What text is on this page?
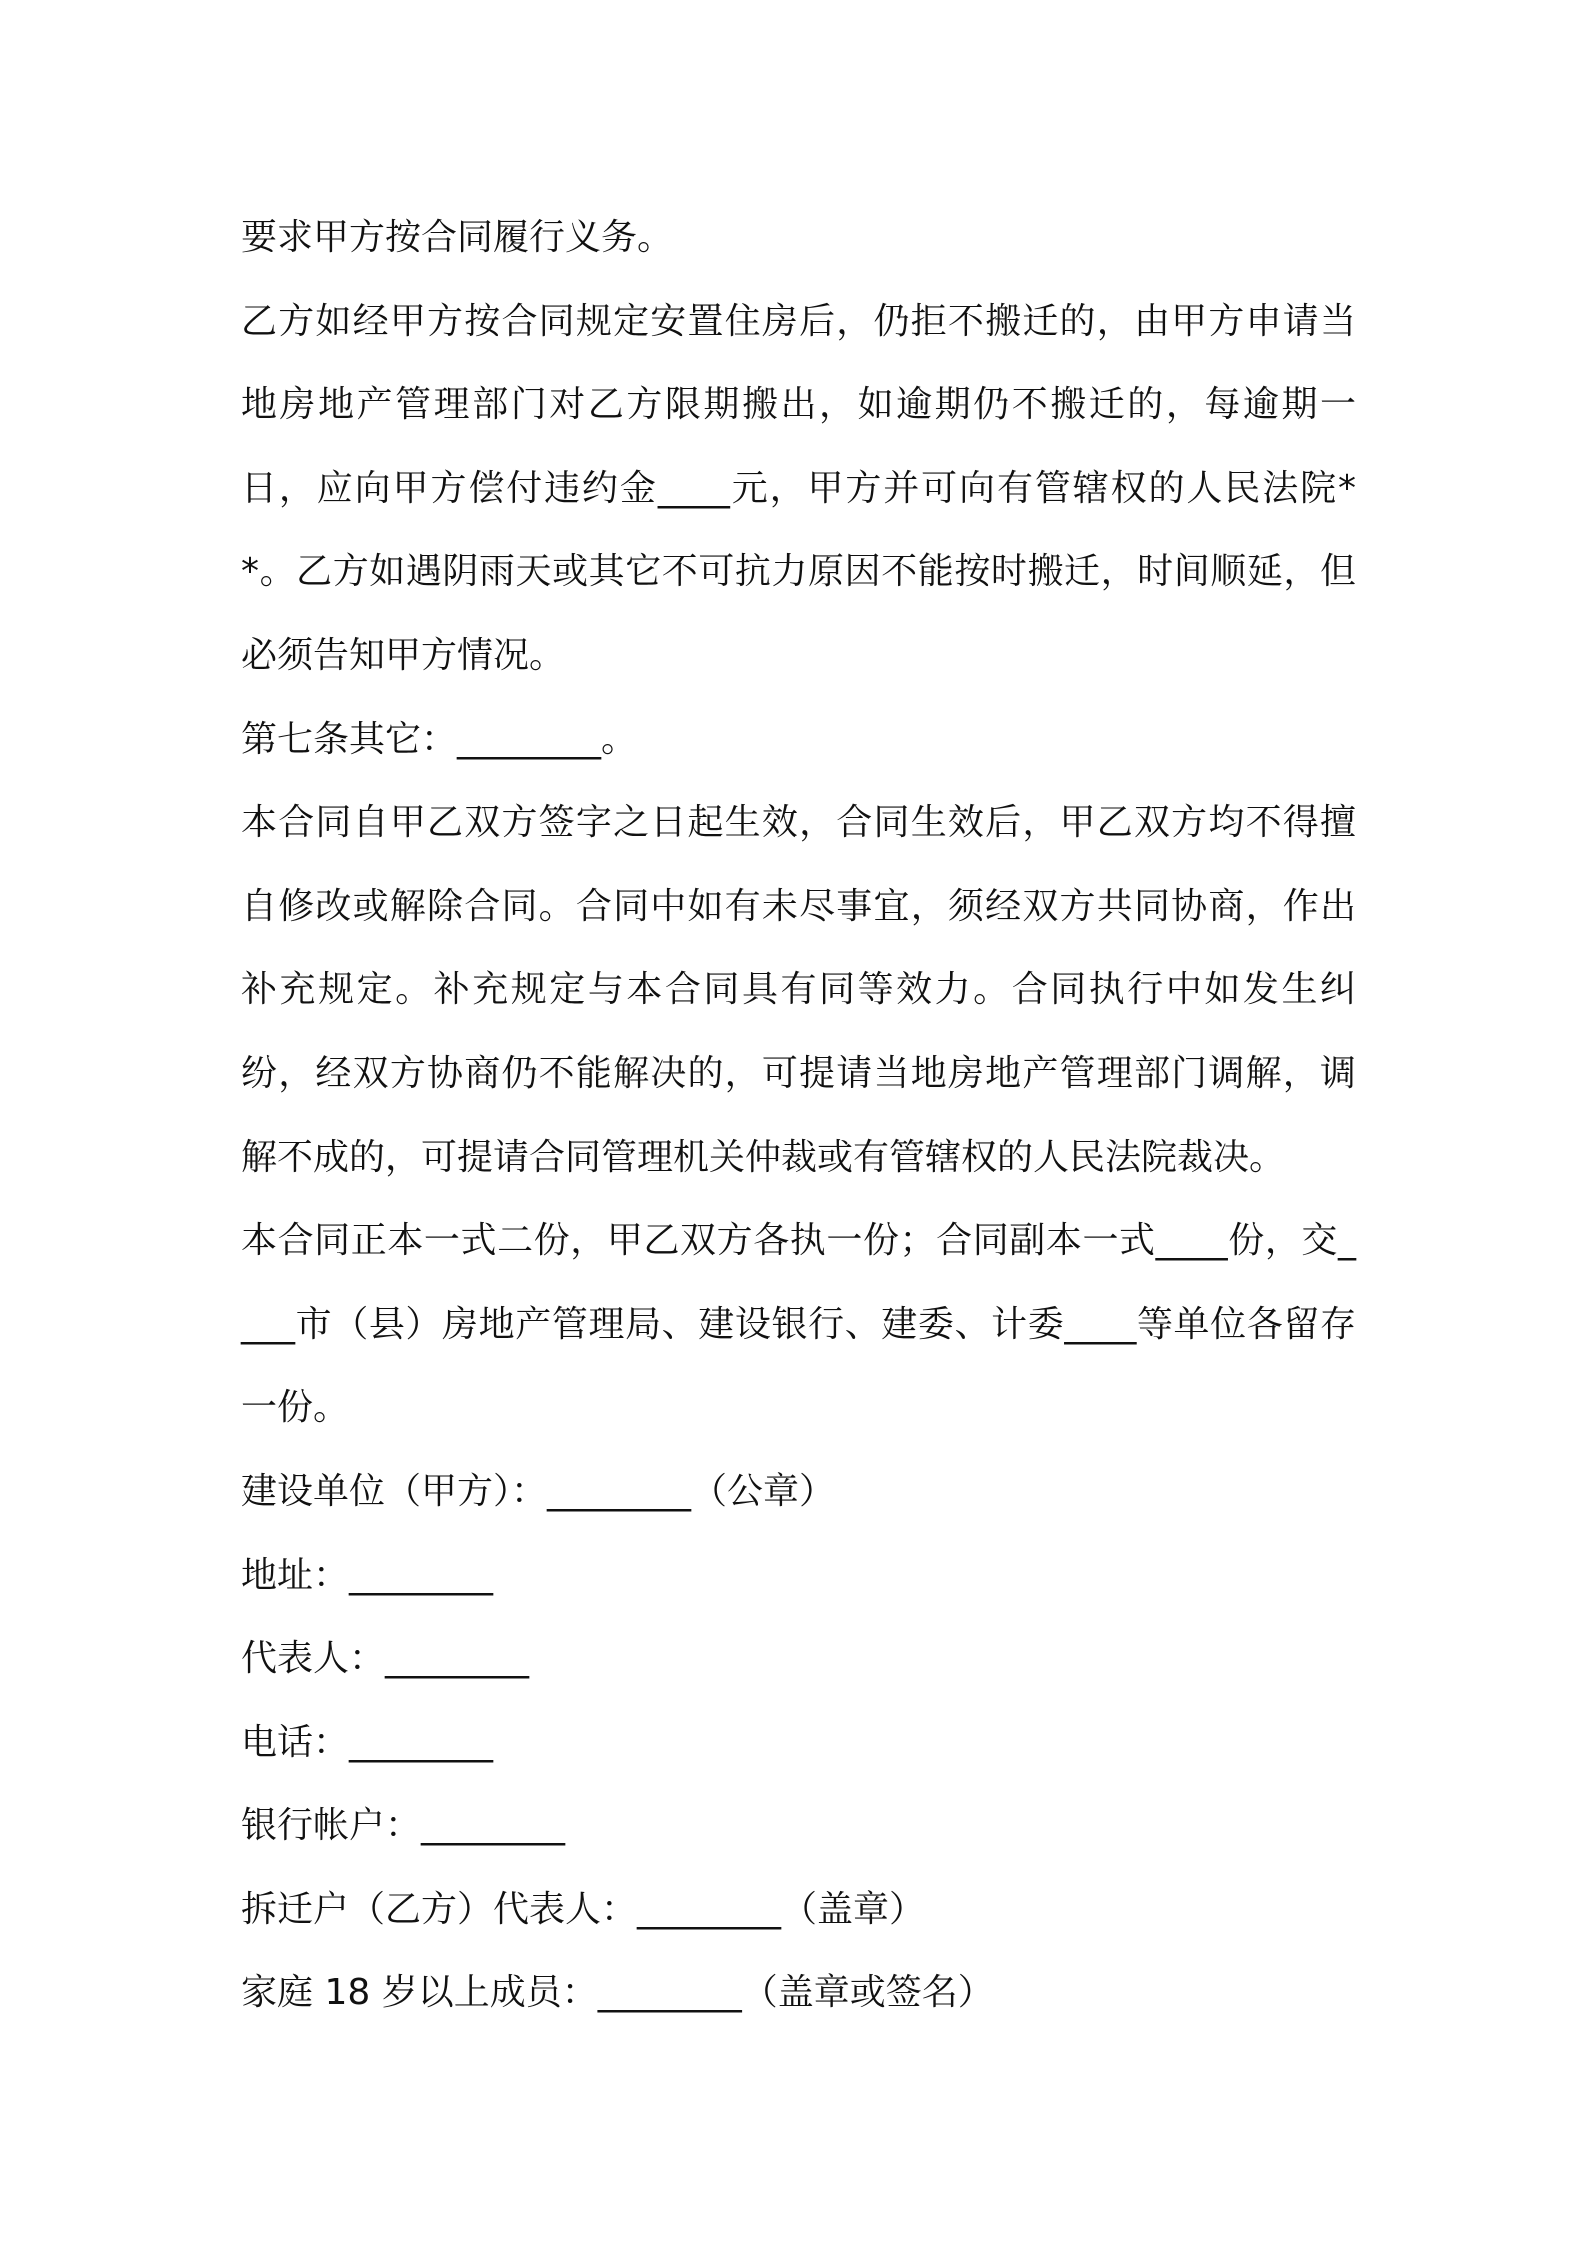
要求甲方按合同履行义务。

乙方如经甲方按合同规定安置住房后，仍拒不搬迁的，由甲方申请当地房地产管理部门对乙方限期搬出，如逾期仍不搬迁的，每逾期一日，应向甲方偿付违约金____元，甲方并可向有管辖权的人民法院**。乙方如遇阴雨天或其它不可抗力原因不能按时搬迁，时间顺延，但必须告知甲方情况。

第七条其它：________。

本合同自甲乙双方签字之日起生效，合同生效后，甲乙双方均不得擅自修改或解除合同。合同中如有未尽事宜，须经双方共同协商，作出补充规定。补充规定与本合同具有同等效力。合同执行中如发生纠纷，经双方协商仍不能解决的，可提请当地房地产管理部门调解，调解不成的，可提请合同管理机关仲裁或有管辖权的人民法院裁决。

本合同正本一式二份，甲乙双方各执一份；合同副本一式____份，交____市（县）房地产管理局、建设银行、建委、计委____等单位各留存一份。

建设单位（甲方）：________（公章）

地址：________

代表人：________

电话：________

银行帐户：________

拆迁户（乙方）代表人：________（盖章）

家庭 18 岁以上成员：________（盖章或签名）
